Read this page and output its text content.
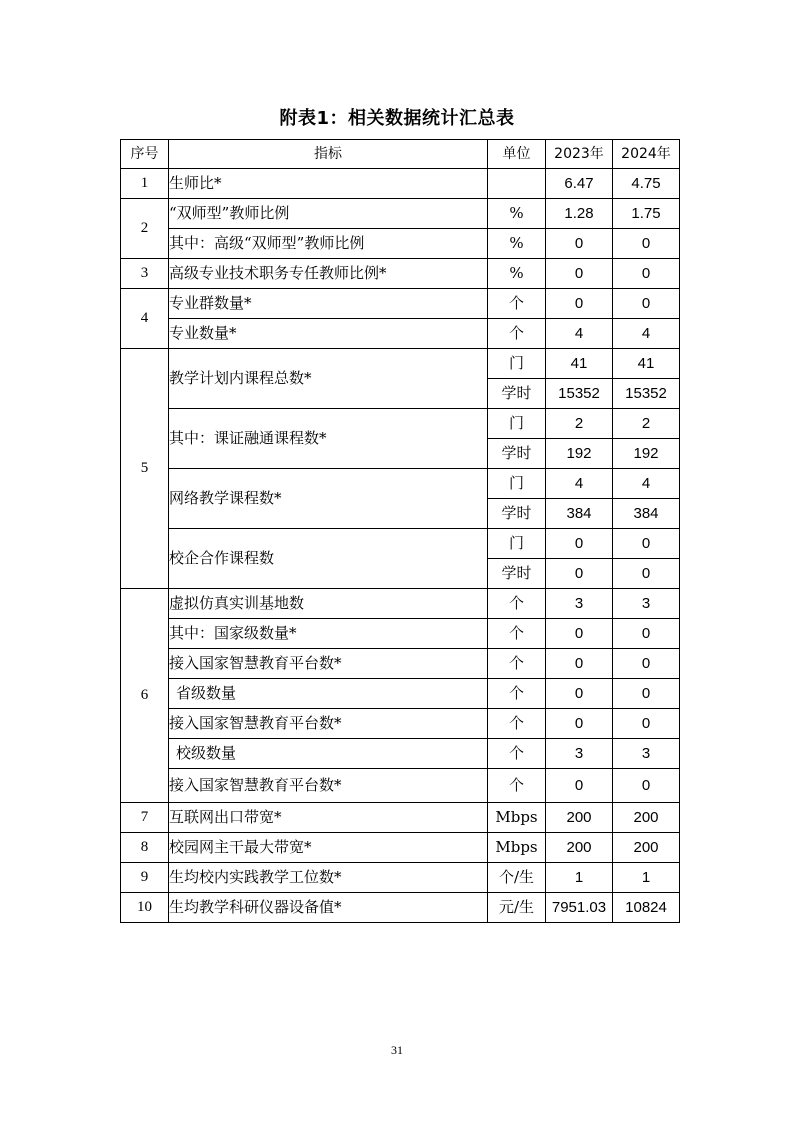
附表1：相关数据统计汇总表
序号	指标	单位	2023年	2024年
1	生师比*		6.47	4.75
2	“双师型”教师比例	%	1.28	1.75
	其中：高级“双师型”教师比例	%	0	0
3	高级专业技术职务专任教师比例*	%	0	0
4	专业群数量*	个	0	0
	专业数量*	个	4	4
5	教学计划内课程总数*	门	41	41
		学时	15352	15352
	其中：课证融通课程数*	门	2	2
		学时	192	192
	网络教学课程数*	门	4	4
		学时	384	384
	校企合作课程数	门	0	0
		学时	0	0
6	虚拟仿真实训基地数	个	3	3
	其中：国家级数量*	个	0	0
	接入国家智慧教育平台数*	个	0	0
	省级数量	个	0	0
	接入国家智慧教育平台数*	个	0	0
	校级数量	个	3	3
	接入国家智慧教育平台数*	个	0	0
7	互联网出口带宽*	Mbps	200	200
8	校园网主干最大带宽*	Mbps	200	200
9	生均校内实践教学工位数*	个/生	1	1
10	生均教学科研仪器设备值*	元/生	7951.03	10824
31
